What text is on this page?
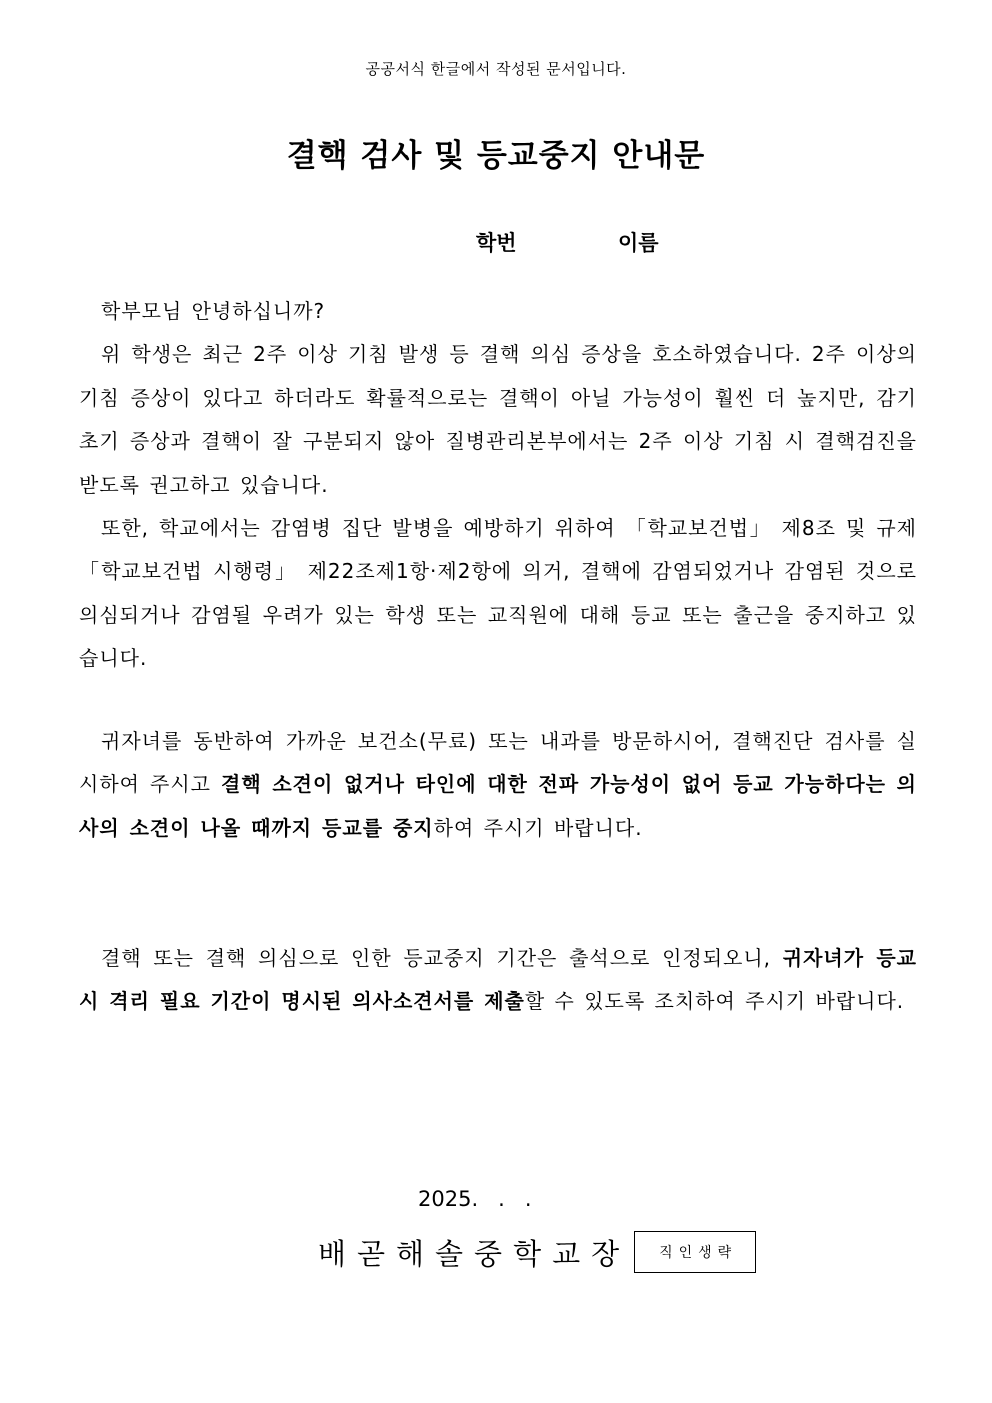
공공서식 한글에서 작성된 문서입니다.
결핵 검사 및 등교중지 안내문
학번	이름

학부모님 안녕하십니까?

위 학생은 최근 2주 이상 기침 발생 등 결핵 의심 증상을 호소하였습니다. 2주 이상의 기침 증상이 있다고 하더라도 확률적으로는 결핵이 아닐 가능성이 훨씬 더 높지만, 감기 초기 증상과 결핵이 잘 구분되지 않아 질병관리본부에서는 2주 이상 기침 시 결핵검진을 받도록 권고하고 있습니다.

또한, 학교에서는 감염병 집단 발병을 예방하기 위하여 「학교보건법」 제8조 및 규제「학교보건법 시행령」 제22조제1항·제2항에 의거, 결핵에 감염되었거나 감염된 것으로 의심되거나 감염될 우려가 있는 학생 또는 교직원에 대해 등교 또는 출근을 중지하고 있습니다.

귀자녀를 동반하여 가까운 보건소(무료) 또는 내과를 방문하시어, 결핵진단 검사를 실시하여 주시고 결핵 소견이 없거나 타인에 대한 전파 가능성이 없어 등교 가능하다는 의사의 소견이 나올 때까지 등교를 중지하여 주시기 바랍니다.

결핵 또는 결핵 의심으로 인한 등교중지 기간은 출석으로 인정되오니, 귀자녀가 등교 시 격리 필요 기간이 명시된 의사소견서를 제출할 수 있도록 조치하여 주시기 바랍니다.

2025.   .   .
배곧해솔중학교장	직인생략
